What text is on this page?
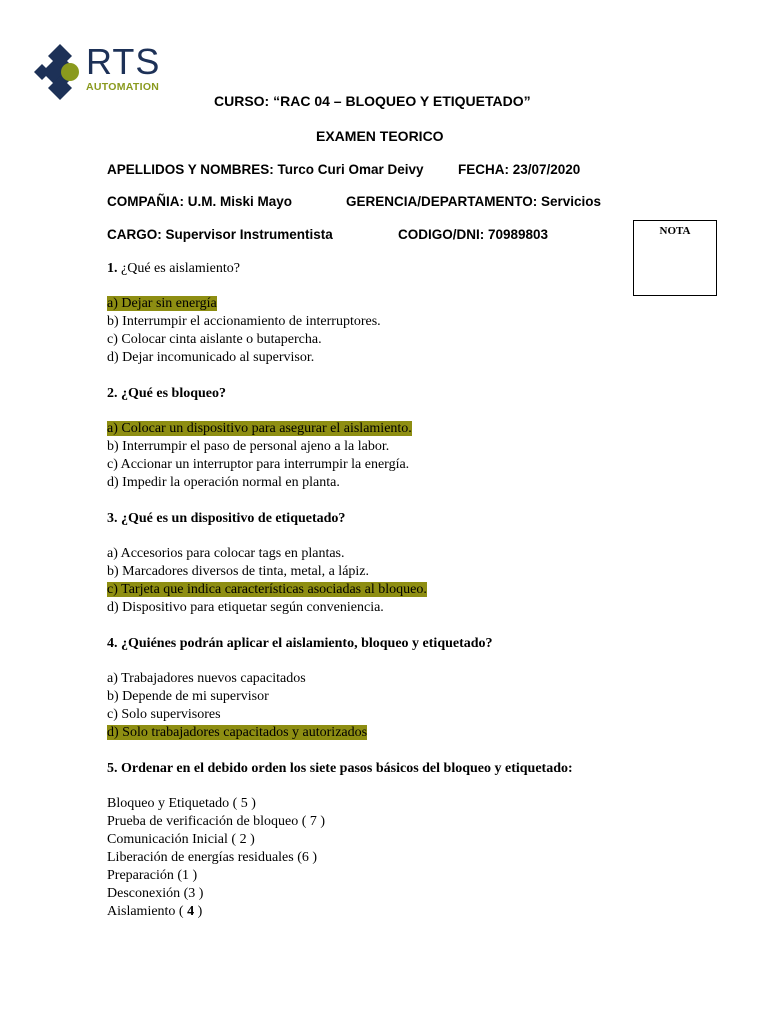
RTS
AUTOMATION
CURSO: “RAC 04 – BLOQUEO Y ETIQUETADO”
EXAMEN TEORICO
APELLIDOS Y NOMBRES: Turco Curi Omar Deivy	FECHA: 23/07/2020
COMPAÑIA: U.M. Miski Mayo	GERENCIA/DEPARTAMENTO: Servicios
CARGO: Supervisor Instrumentista	CODIGO/DNI: 70989803	NOTA
1. ¿Qué es aislamiento?
a) Dejar sin energía
b) Interrumpir el accionamiento de interruptores.
c) Colocar cinta aislante o butapercha.
d) Dejar incomunicado al supervisor.
2. ¿Qué es bloqueo?
a) Colocar un dispositivo para asegurar el aislamiento.
b) Interrumpir el paso de personal ajeno a la labor.
c) Accionar un interruptor para interrumpir la energía.
d) Impedir la operación normal en planta.
3. ¿Qué es un dispositivo de etiquetado?
a) Accesorios para colocar tags en plantas.
b) Marcadores diversos de tinta, metal, a lápiz.
c) Tarjeta que indica características asociadas al bloqueo.
d) Dispositivo para etiquetar según conveniencia.
4. ¿Quiénes podrán aplicar el aislamiento, bloqueo y etiquetado?
a) Trabajadores nuevos capacitados
b) Depende de mi supervisor
c) Solo supervisores
d) Solo trabajadores capacitados y autorizados
5. Ordenar en el debido orden los siete pasos básicos del bloqueo y etiquetado:
Bloqueo y Etiquetado ( 5 )
Prueba de verificación de bloqueo ( 7 )
Comunicación Inicial ( 2 )
Liberación de energías residuales (6 )
Preparación (1 )
Desconexión (3 )
Aislamiento ( 4 )
